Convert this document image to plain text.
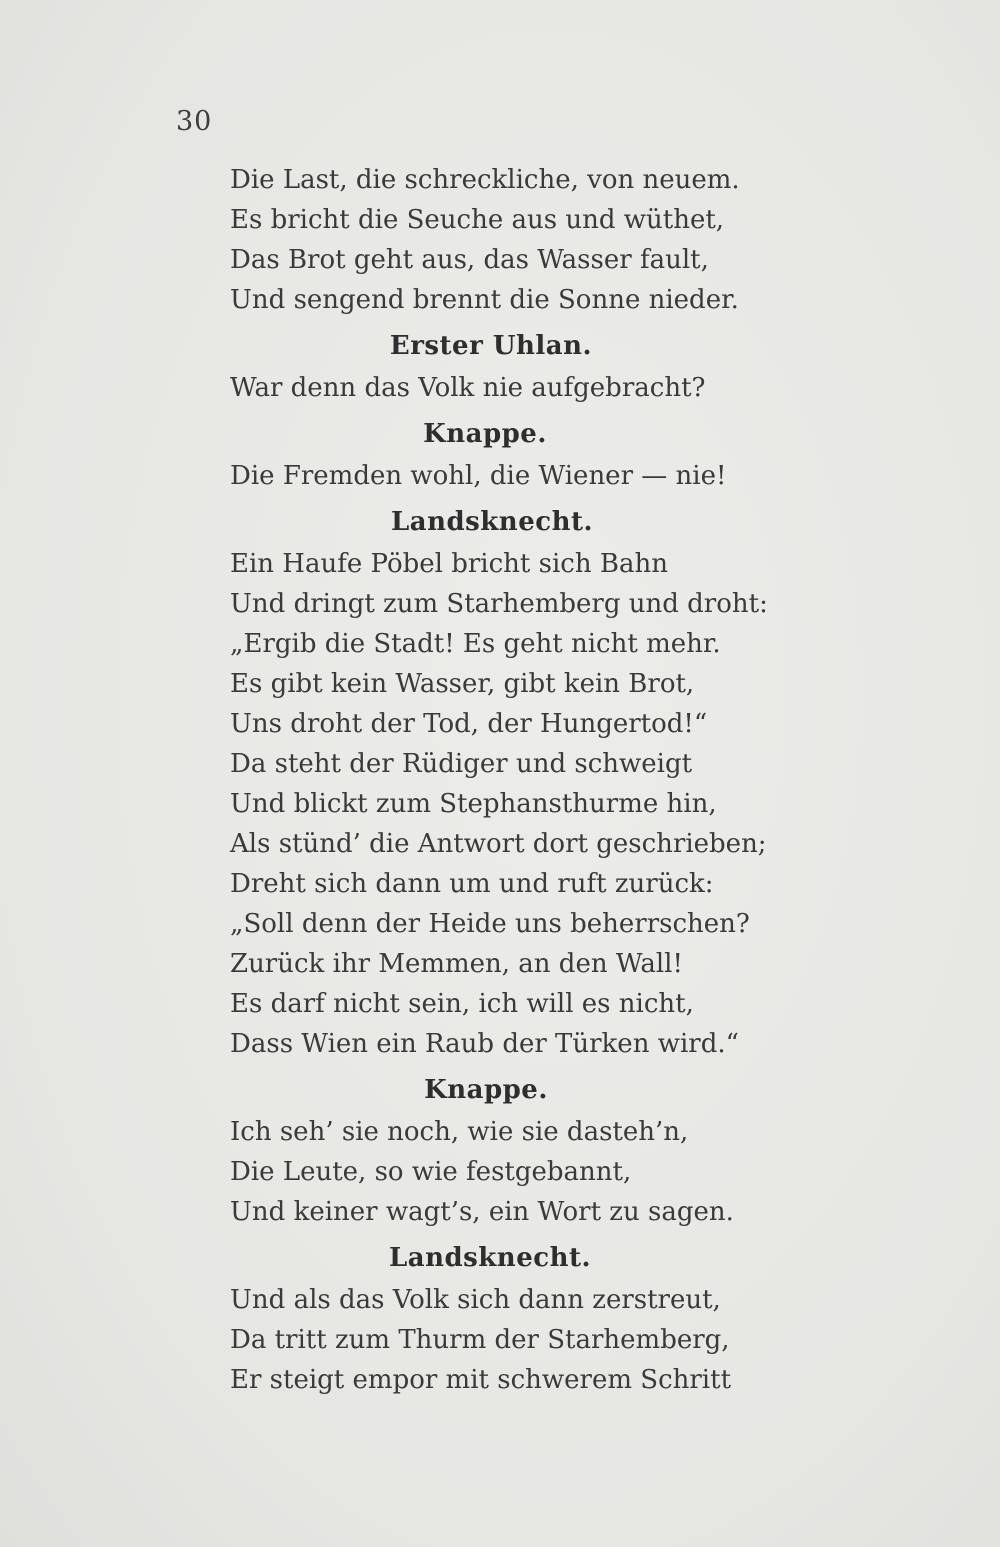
30
Die Last, die schreckliche, von neuem.
Es bricht die Seuche aus und wüthet,
Das Brot geht aus, das Wasser fault,
Und sengend brennt die Sonne nieder.
Erster Uhlan.
War denn das Volk nie aufgebracht?
Knappe.
Die Fremden wohl, die Wiener — nie!
Landsknecht.
Ein Haufe Pöbel bricht sich Bahn
Und dringt zum Starhemberg und droht:
„Ergib die Stadt! Es geht nicht mehr.
Es gibt kein Wasser, gibt kein Brot,
Uns droht der Tod, der Hungertod!“
Da steht der Rüdiger und schweigt
Und blickt zum Stephansthurme hin,
Als stünd’ die Antwort dort geschrieben;
Dreht sich dann um und ruft zurück:
„Soll denn der Heide uns beherrschen?
Zurück ihr Memmen, an den Wall!
Es darf nicht sein, ich will es nicht,
Dass Wien ein Raub der Türken wird.“
Knappe.
Ich seh’ sie noch, wie sie dasteh’n,
Die Leute, so wie festgebannt,
Und keiner wagt’s, ein Wort zu sagen.
Landsknecht.
Und als das Volk sich dann zerstreut,
Da tritt zum Thurm der Starhemberg,
Er steigt empor mit schwerem Schritt
